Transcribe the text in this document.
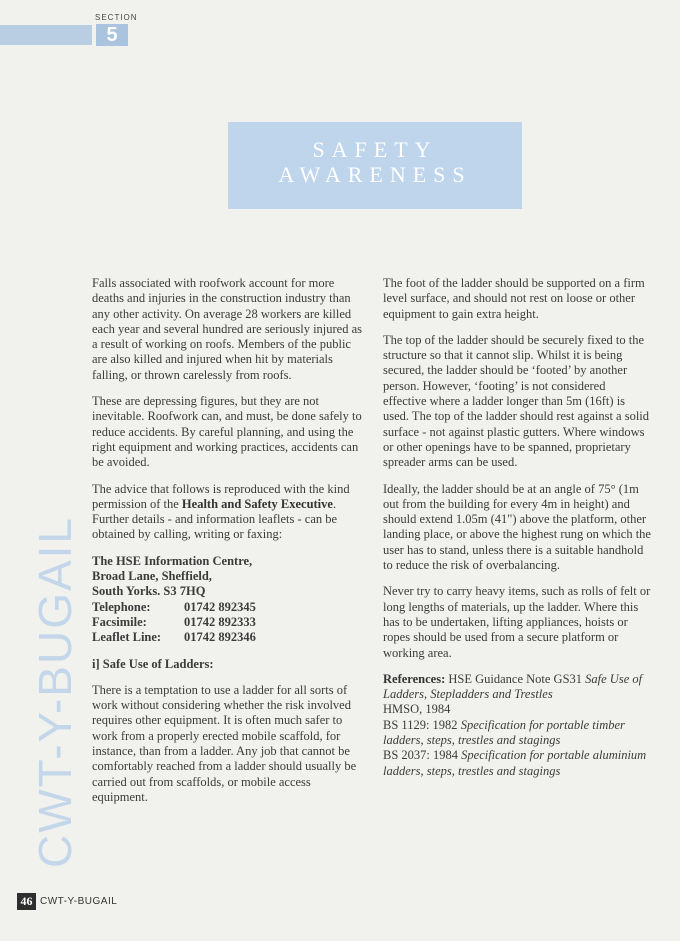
SECTION
5
SAFETY
AWARENESS
CWT-Y-BUGAIL

Falls associated with roofwork account for more deaths and injuries in the construction industry than any other activity. On average 28 workers are killed each year and several hundred are seriously injured as a result of working on roofs. Members of the public are also killed and injured when hit by materials falling, or thrown carelessly from roofs.

These are depressing figures, but they are not inevitable. Roofwork can, and must, be done safely to reduce accidents. By careful planning, and using the right equipment and working practices, accidents can be avoided.

The advice that follows is reproduced with the kind permission of the Health and Safety Executive. Further details - and information leaflets - can be obtained by calling, writing or faxing:

The HSE Information Centre,
Broad Lane, Sheffield,
South Yorks. S3 7HQ
Telephone:	01742 892345
Facsimile:	01742 892333
Leaflet Line:	01742 892346
i] Safe Use of Ladders:

There is a temptation to use a ladder for all sorts of work without considering whether the risk involved requires other equipment. It is often much safer to work from a properly erected mobile scaffold, for instance, than from a ladder. Any job that cannot be comfortably reached from a ladder should usually be carried out from scaffolds, or mobile access equipment.

The foot of the ladder should be supported on a firm level surface, and should not rest on loose or other equipment to gain extra height.

The top of the ladder should be securely fixed to the structure so that it cannot slip. Whilst it is being secured, the ladder should be ‘footed’ by another person. However, ‘footing’ is not considered effective where a ladder longer than 5m (16ft) is used. The top of the ladder should rest against a solid surface - not against plastic gutters. Where windows or other openings have to be spanned, proprietary spreader arms can be used.

Ideally, the ladder should be at an angle of 75° (1m out from the building for every 4m in height) and should extend 1.05m (41") above the platform, other landing place, or above the highest rung on which the user has to stand, unless there is a suitable handhold to reduce the risk of overbalancing.

Never try to carry heavy items, such as rolls of felt or long lengths of materials, up the ladder. Where this has to be undertaken, lifting appliances, hoists or ropes should be used from a secure platform or working area.

References: HSE Guidance Note GS31 Safe Use of Ladders, Stepladders and Trestles
HMSO, 1984
BS 1129: 1982 Specification for portable timber ladders, steps, trestles and stagings
BS 2037: 1984 Specification for portable aluminium ladders, steps, trestles and stagings
46 CWT-Y-BUGAIL
